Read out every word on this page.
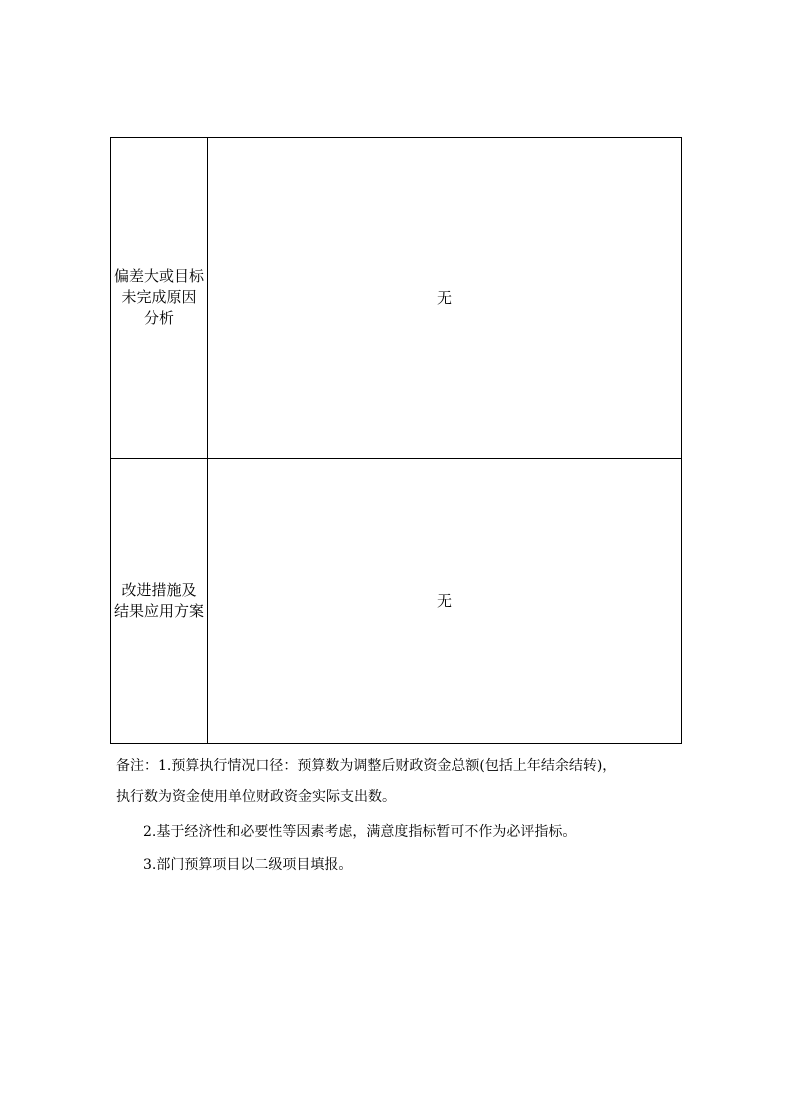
偏差大或目标
未完成原因
分析	无

改进措施及
结果应用方案	无
备注：1.预算执行情况口径：预算数为调整后财政资金总额(包括上年结余结转)，
执行数为资金使用单位财政资金实际支出数。
2.基于经济性和必要性等因素考虑，满意度指标暂可不作为必评指标。
3.部门预算项目以二级项目填报。
